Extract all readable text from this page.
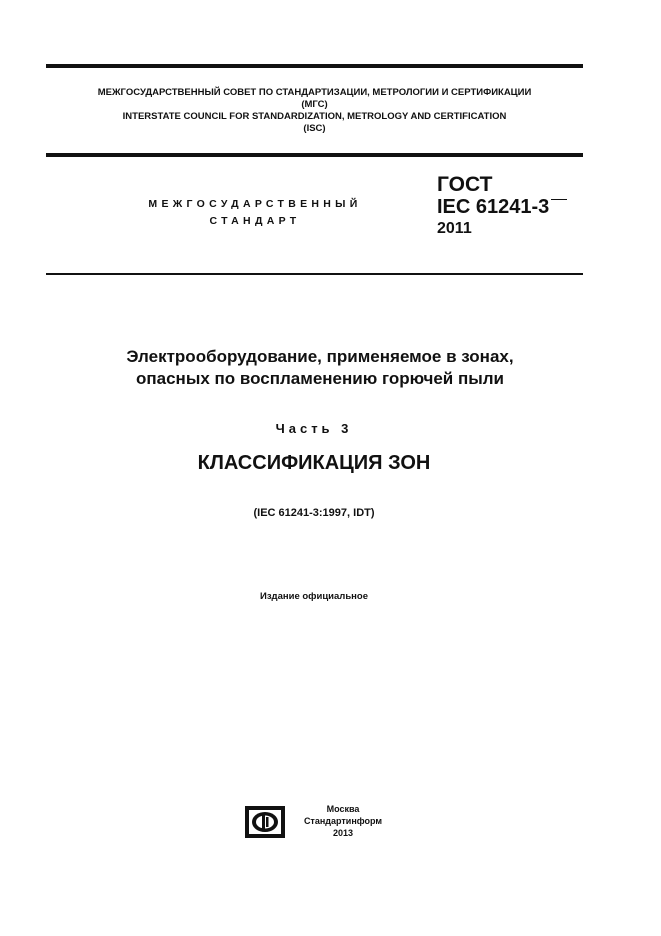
МЕЖГОСУДАРСТВЕННЫЙ СОВЕТ ПО СТАНДАРТИЗАЦИИ, МЕТРОЛОГИИ И СЕРТИФИКАЦИИ
(МГС)
INTERSTATE COUNCIL FOR STANDARDIZATION, METROLOGY AND CERTIFICATION
(ISC)
МЕЖГОСУДАРСТВЕННЫЙ
СТАНДАРТ
ГОСТ
IEC 61241-3
2011
Электрооборудование, применяемое в зонах,
опасных по воспламенению горючей пыли
Часть 3
КЛАССИФИКАЦИЯ ЗОН
(IEC 61241-3:1997, IDT)
Издание официальное
Москва
Стандартинформ
2013
